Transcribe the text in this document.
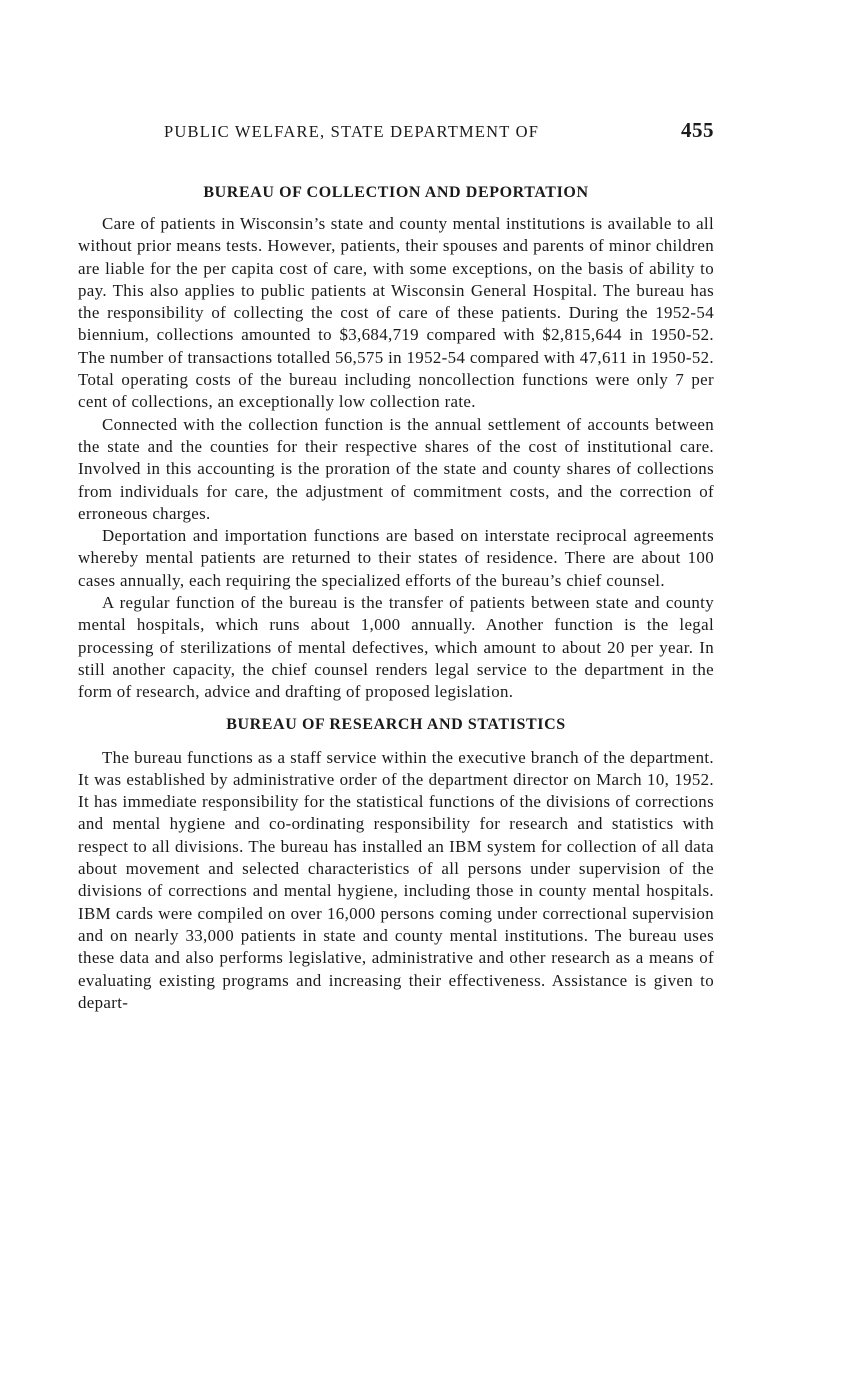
PUBLIC WELFARE, STATE DEPARTMENT OF	455
BUREAU OF COLLECTION AND DEPORTATION

Care of patients in Wisconsin’s state and county mental institutions is available to all without prior means tests. However, patients, their spouses and parents of minor children are liable for the per capita cost of care, with some exceptions, on the basis of ability to pay. This also applies to public patients at Wisconsin General Hospital. The bureau has the responsibility of collecting the cost of care of these patients. During the 1952-54 biennium, collections amounted to $3,684,719 compared with $2,815,644 in 1950-52. The number of transactions totalled 56,575 in 1952-54 compared with 47,611 in 1950-52. Total operating costs of the bureau including noncollection functions were only 7 per cent of collections, an exceptionally low collection rate.

Connected with the collection function is the annual settlement of accounts between the state and the counties for their respective shares of the cost of institutional care. Involved in this accounting is the proration of the state and county shares of collections from individuals for care, the adjustment of commitment costs, and the correction of erroneous charges.

Deportation and importation functions are based on interstate reciprocal agreements whereby mental patients are returned to their states of residence. There are about 100 cases annually, each requiring the specialized efforts of the bureau’s chief counsel.

A regular function of the bureau is the transfer of patients between state and county mental hospitals, which runs about 1,000 annually. Another function is the legal processing of sterilizations of mental defectives, which amount to about 20 per year. In still another capacity, the chief counsel renders legal service to the department in the form of research, advice and drafting of proposed legislation.

BUREAU OF RESEARCH AND STATISTICS

The bureau functions as a staff service within the executive branch of the department. It was established by administrative order of the department director on March 10, 1952. It has immediate responsibility for the statistical functions of the divisions of corrections and mental hygiene and co-ordinating responsibility for research and statistics with respect to all divisions. The bureau has installed an IBM system for collection of all data about movement and selected characteristics of all persons under supervision of the divisions of corrections and mental hygiene, including those in county mental hospitals. IBM cards were compiled on over 16,000 persons coming under correctional supervision and on nearly 33,000 patients in state and county mental institutions. The bureau uses these data and also performs legislative, administrative and other research as a means of evaluating existing programs and increasing their effectiveness. Assistance is given to depart-
